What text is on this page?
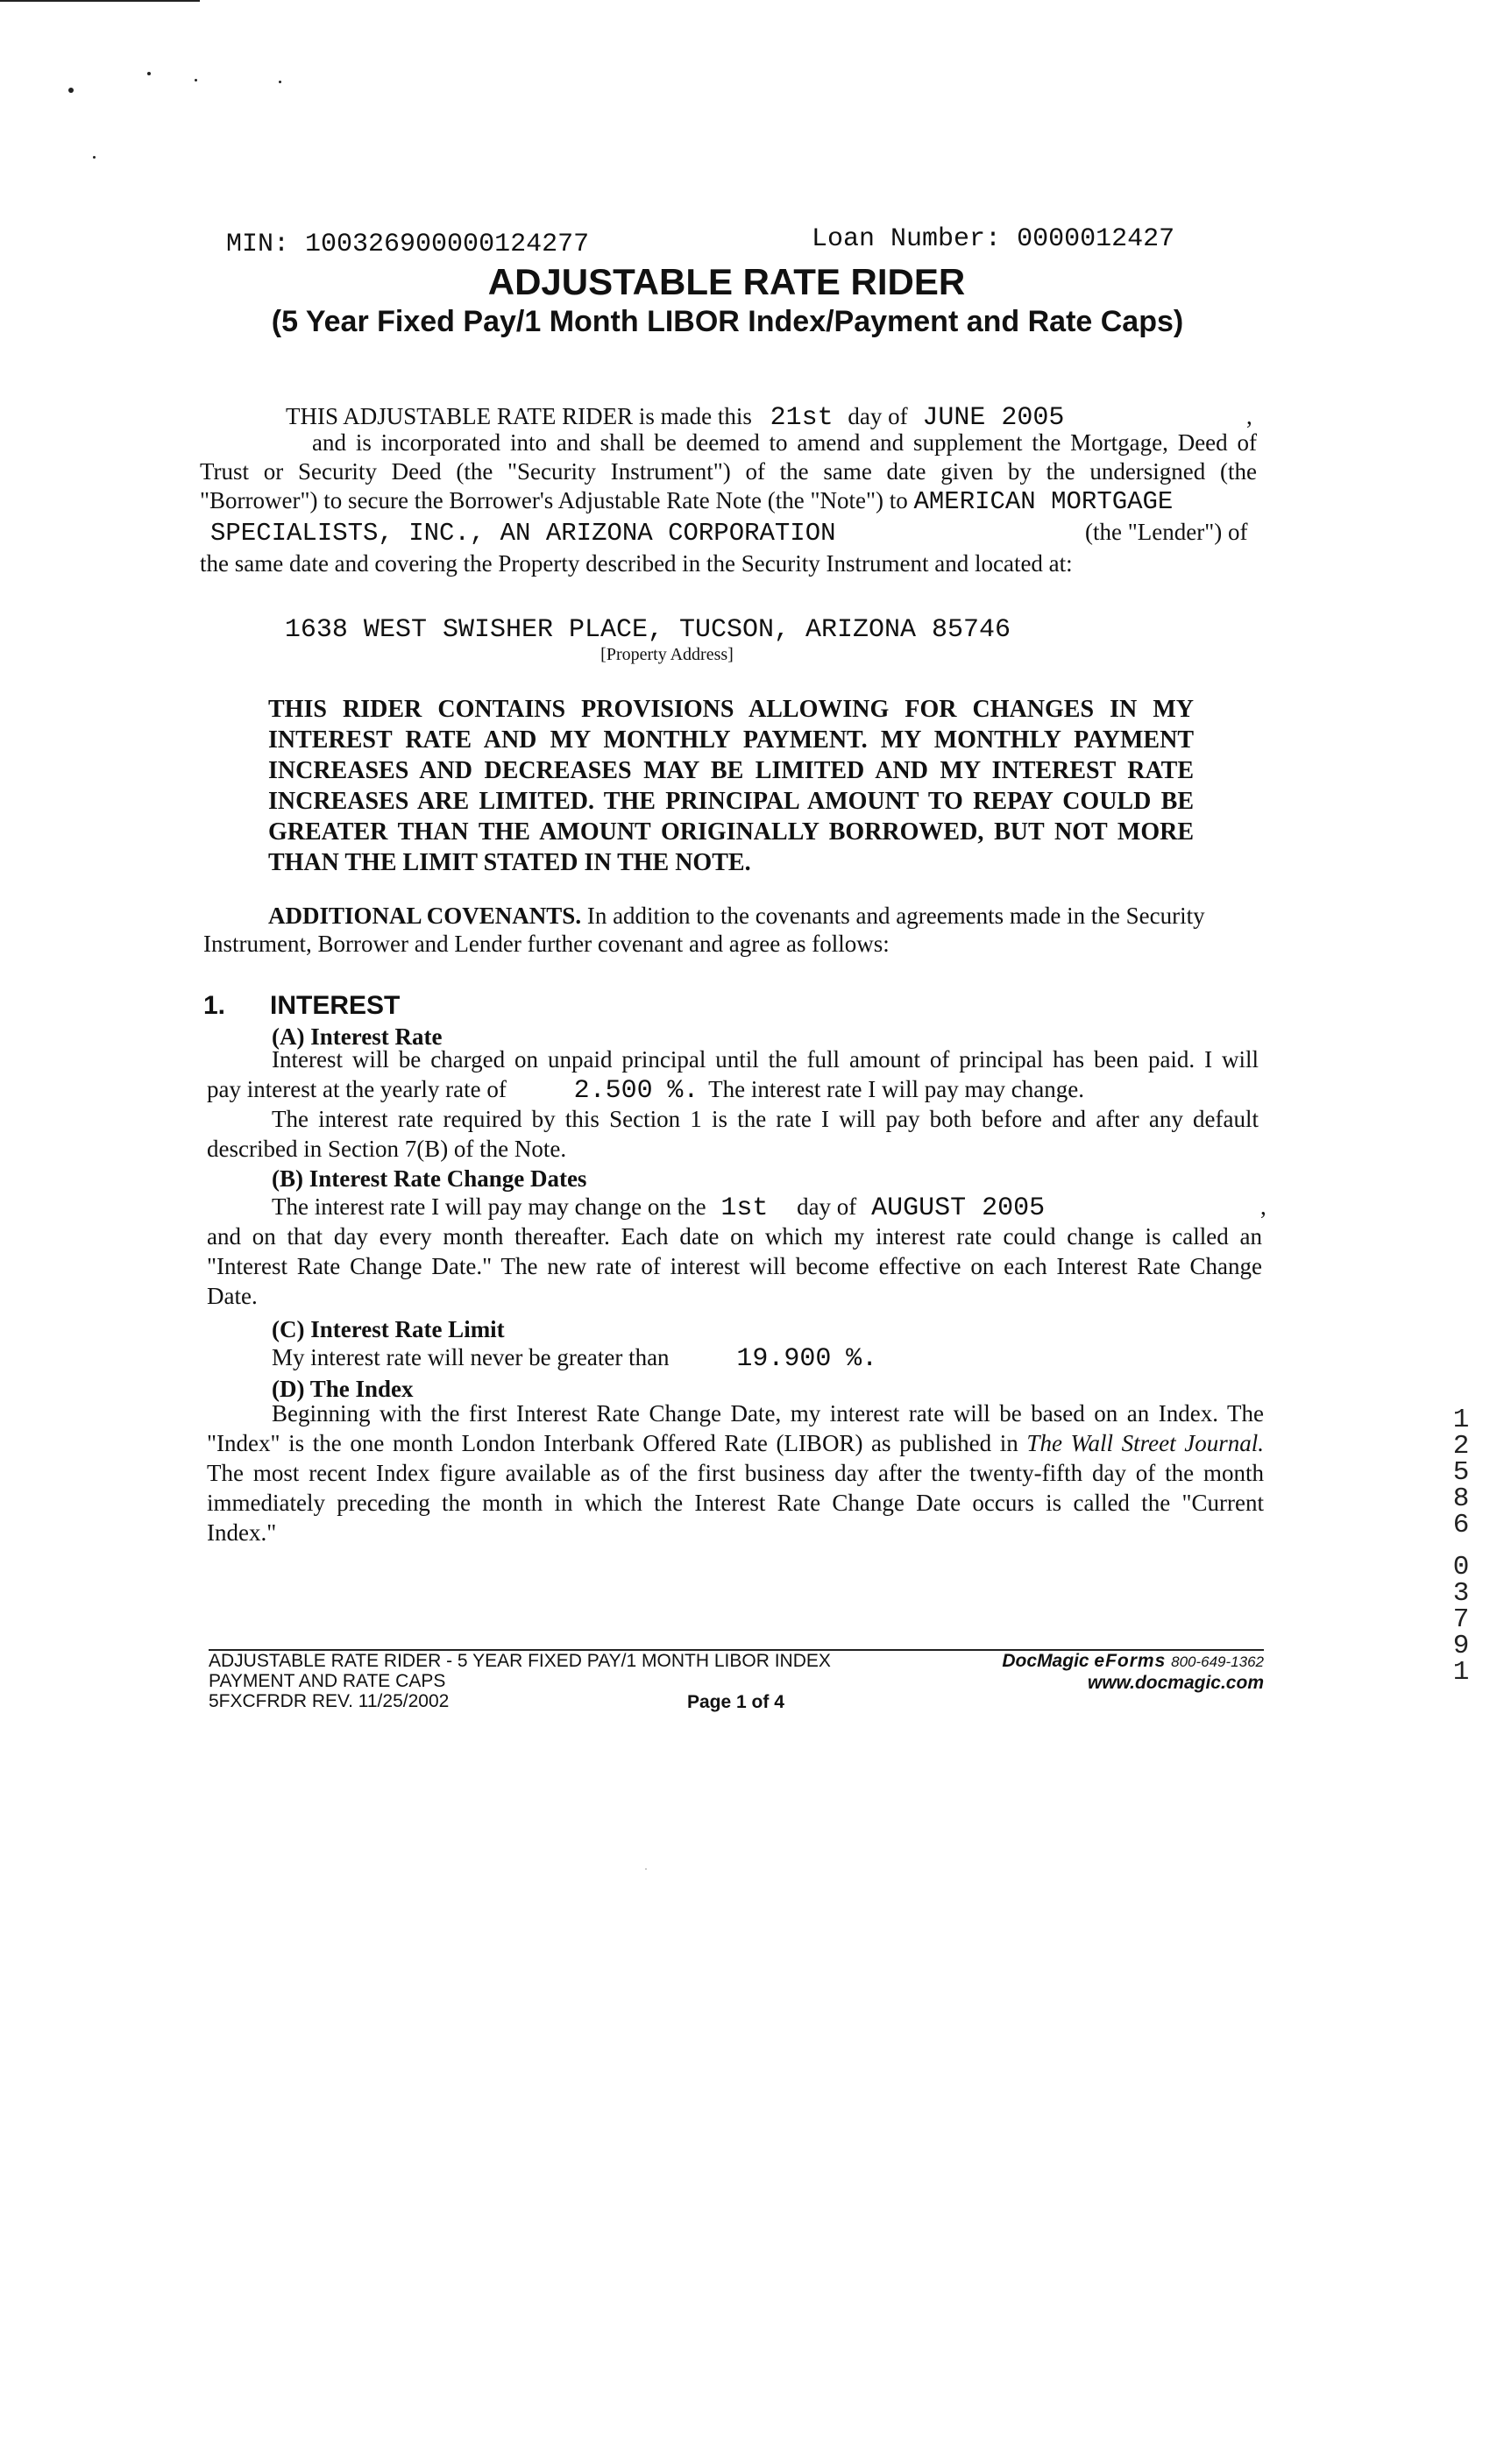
MIN: 100326900000124277	Loan Number: 0000012427
ADJUSTABLE RATE RIDER
(5 Year Fixed Pay/1 Month LIBOR Index/Payment and Rate Caps)
THIS ADJUSTABLE RATE RIDER is made this 21st day of JUNE 2005	,
and is incorporated into and shall be deemed to amend and supplement the Mortgage, Deed of
Trust or Security Deed (the "Security Instrument") of the same date given by the undersigned (the
"Borrower") to secure the Borrower's Adjustable Rate Note (the "Note") to AMERICAN MORTGAGE
SPECIALISTS, INC., AN ARIZONA CORPORATION	(the "Lender") of
the same date and covering the Property described in the Security Instrument and located at:
1638 WEST SWISHER PLACE, TUCSON, ARIZONA 85746
[Property Address]
THIS RIDER CONTAINS PROVISIONS ALLOWING FOR CHANGES IN MY
INTEREST RATE AND MY MONTHLY PAYMENT. MY MONTHLY PAYMENT
INCREASES AND DECREASES MAY BE LIMITED AND MY INTEREST RATE
INCREASES ARE LIMITED. THE PRINCIPAL AMOUNT TO REPAY COULD BE
GREATER THAN THE AMOUNT ORIGINALLY BORROWED, BUT NOT MORE
THAN THE LIMIT STATED IN THE NOTE.
ADDITIONAL COVENANTS. In addition to the covenants and agreements made in the Security
Instrument, Borrower and Lender further covenant and agree as follows:
1. INTEREST
(A) Interest Rate
Interest will be charged on unpaid principal until the full amount of principal has been paid. I will
pay interest at the yearly rate of	2.500 %. The interest rate I will pay may change.
The interest rate required by this Section 1 is the rate I will pay both before and after any default
described in Section 7(B) of the Note.
(B) Interest Rate Change Dates
The interest rate I will pay may change on the 1st day of AUGUST 2005	,
and on that day every month thereafter. Each date on which my interest rate could change is called an
"Interest Rate Change Date." The new rate of interest will become effective on each Interest Rate Change
Date.
(C) Interest Rate Limit
My interest rate will never be greater than	19.900 %.
(D) The Index
Beginning with the first Interest Rate Change Date, my interest rate will be based on an Index. The
"Index" is the one month London Interbank Offered Rate (LIBOR) as published in The Wall Street Journal.
The most recent Index figure available as of the first business day after the twenty-fifth day of the month
immediately preceding the month in which the Interest Rate Change Date occurs is called the "Current
Index."
1
2
5
8
6
0
3
7
9
1
ADJUSTABLE RATE RIDER - 5 YEAR FIXED PAY/1 MONTH LIBOR INDEX
PAYMENT AND RATE CAPS
5FXCFRDR REV. 11/25/2002	Page 1 of 4
DocMagic eForms 800-649-1362
www.docmagic.com
